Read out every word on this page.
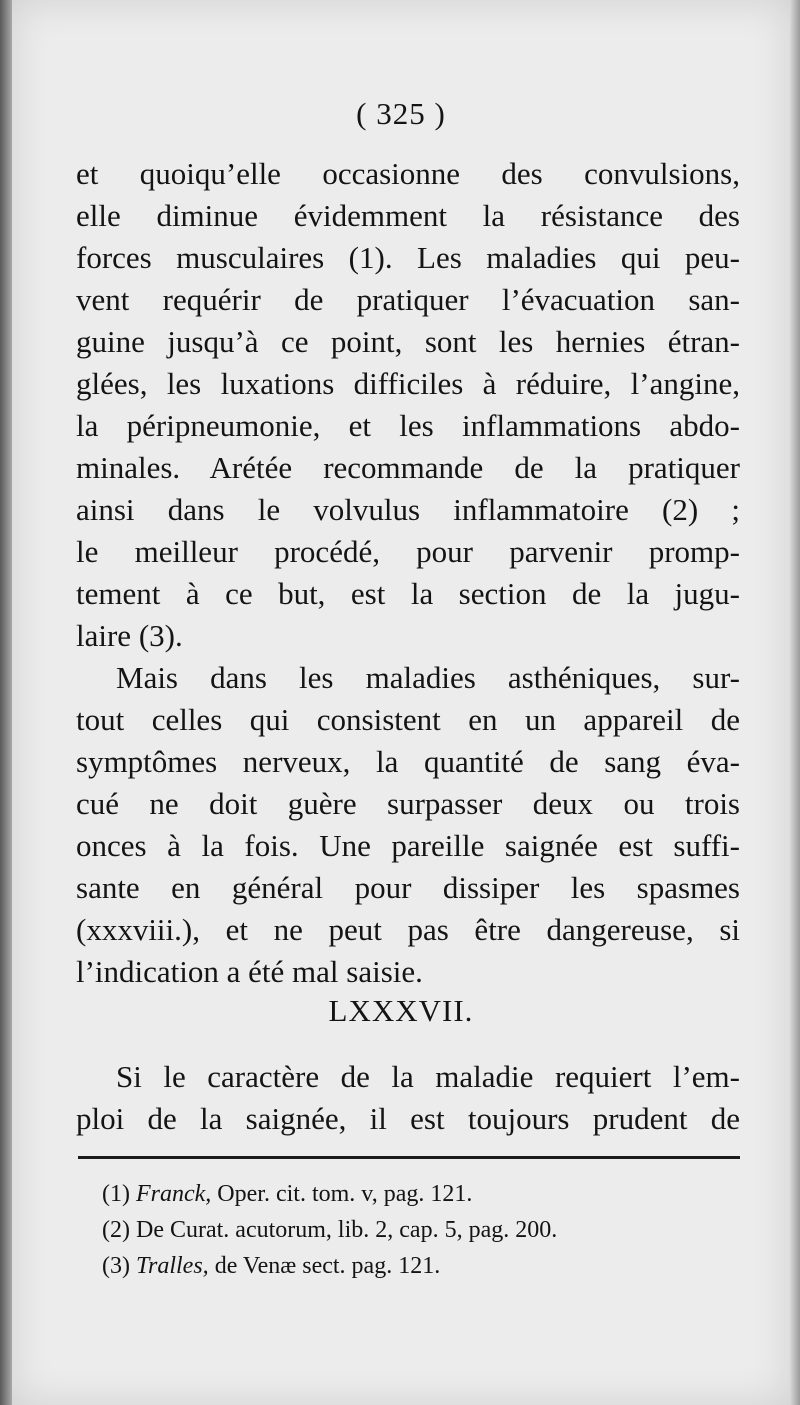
( 325 )
et quoiqu’elle occasionne des convulsions,
elle diminue évidemment la résistance des
forces musculaires (1). Les maladies qui peu-
vent requérir de pratiquer l’évacuation san-
guine jusqu’à ce point, sont les hernies étran-
glées, les luxations difficiles à réduire, l’angine,
la péripneumonie, et les inflammations abdo-
minales. Arétée recommande de la pratiquer
ainsi dans le volvulus inflammatoire (2) ;
le meilleur procédé, pour parvenir promp-
tement à ce but, est la section de la jugu-
laire (3).
Mais dans les maladies asthéniques, sur-
tout celles qui consistent en un appareil de
symptômes nerveux, la quantité de sang éva-
cué ne doit guère surpasser deux ou trois
onces à la fois. Une pareille saignée est suffi-
sante en général pour dissiper les spasmes
(xxxviii.), et ne peut pas être dangereuse, si
l’indication a été mal saisie.
LXXXVII.
Si le caractère de la maladie requiert l’em-
ploi de la saignée, il est toujours prudent de
(1) Franck, Oper. cit. tom. v, pag. 121.
(2) De Curat. acutorum, lib. 2, cap. 5, pag. 200.
(3) Tralles, de Venæ sect. pag. 121.
